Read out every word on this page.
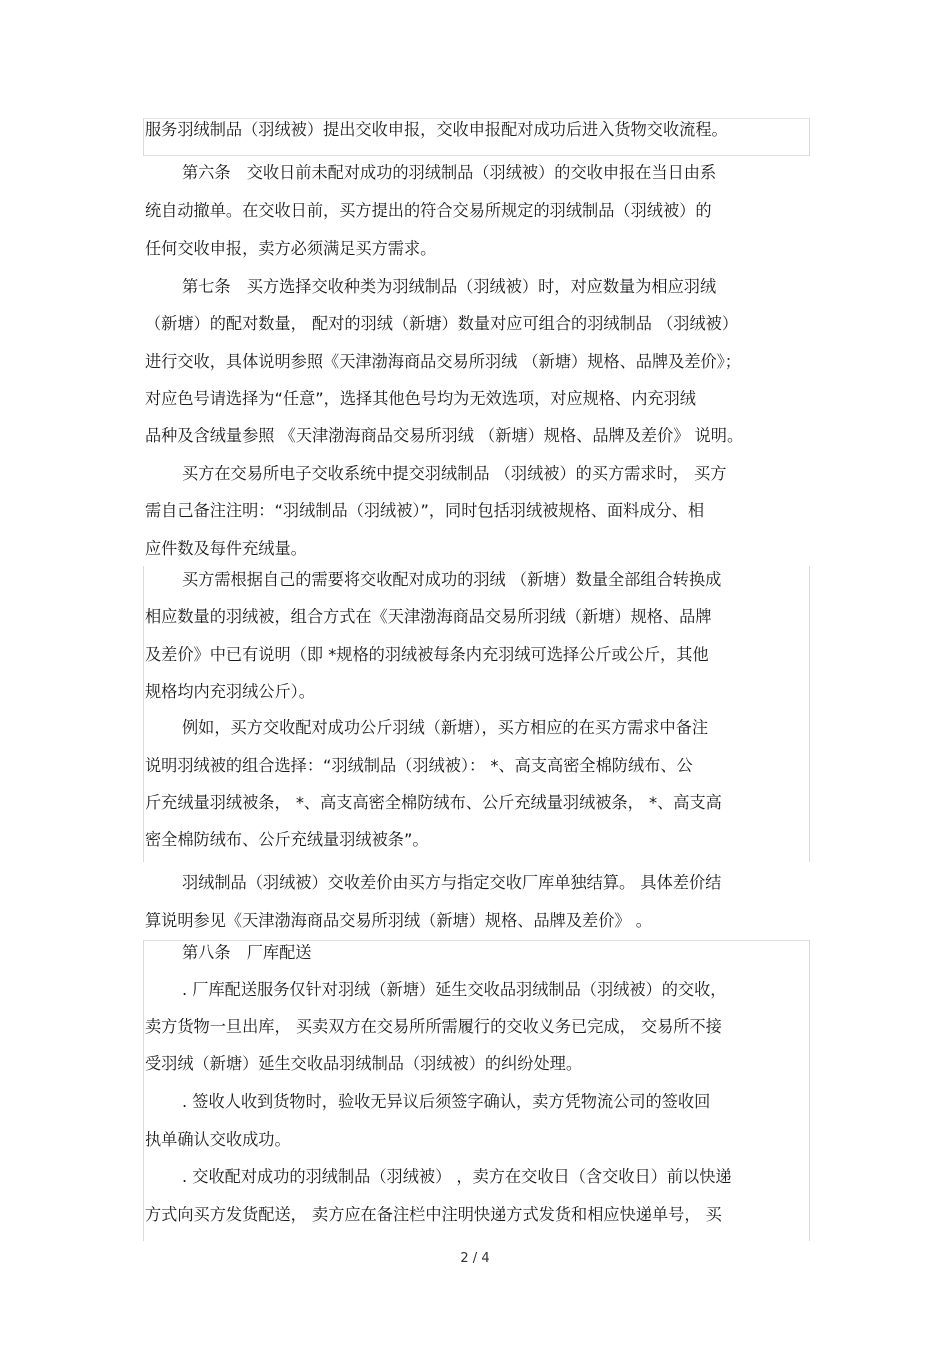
服务羽绒制品（羽绒被）提出交收申报，交收申报配对成功后进入货物交收流程。
第六条　交收日前未配对成功的羽绒制品（羽绒被）的交收申报在当日由系
统自动撤单。在交收日前，买方提出的符合交易所规定的羽绒制品（羽绒被）的
任何交收申报，卖方必须满足买方需求。
第七条　买方选择交收种类为羽绒制品（羽绒被）时，对应数量为相应羽绒
（新塘）的配对数量， 配对的羽绒（新塘）数量对应可组合的羽绒制品 （羽绒被）
进行交收，具体说明参照《天津渤海商品交易所羽绒 （新塘）规格、品牌及差价》；
对应色号请选择为“任意”，选择其他色号均为无效选项，对应规格、内充羽绒
品种及含绒量参照 《天津渤海商品交易所羽绒 （新塘）规格、品牌及差价》 说明。
买方在交易所电子交收系统中提交羽绒制品 （羽绒被）的买方需求时， 买方
需自己备注注明：“羽绒制品（羽绒被）”，同时包括羽绒被规格、面料成分、相
应件数及每件充绒量。
买方需根据自己的需要将交收配对成功的羽绒 （新塘）数量全部组合转换成
相应数量的羽绒被，组合方式在《天津渤海商品交易所羽绒（新塘）规格、品牌
及差价》中已有说明（即 *规格的羽绒被每条内充羽绒可选择公斤或公斤，其他
规格均内充羽绒公斤）。
例如，买方交收配对成功公斤羽绒（新塘），买方相应的在买方需求中备注
说明羽绒被的组合选择：“羽绒制品（羽绒被）： *、高支高密全棉防绒布、公
斤充绒量羽绒被条， *、高支高密全棉防绒布、公斤充绒量羽绒被条， *、高支高
密全棉防绒布、公斤充绒量羽绒被条”。
羽绒制品（羽绒被）交收差价由买方与指定交收厂库单独结算。 具体差价结
算说明参见《天津渤海商品交易所羽绒（新塘）规格、品牌及差价》 。
第八条　厂库配送
. 厂库配送服务仅针对羽绒（新塘）延生交收品羽绒制品（羽绒被）的交收，
卖方货物一旦出库， 买卖双方在交易所所需履行的交收义务已完成， 交易所不接
受羽绒（新塘）延生交收品羽绒制品（羽绒被）的纠纷处理。
. 签收人收到货物时，验收无异议后须签字确认，卖方凭物流公司的签收回
执单确认交收成功。
. 交收配对成功的羽绒制品（羽绒被） ，卖方在交收日（含交收日）前以快递
方式向买方发货配送， 卖方应在备注栏中注明快递方式发货和相应快递单号， 买
2 / 4
